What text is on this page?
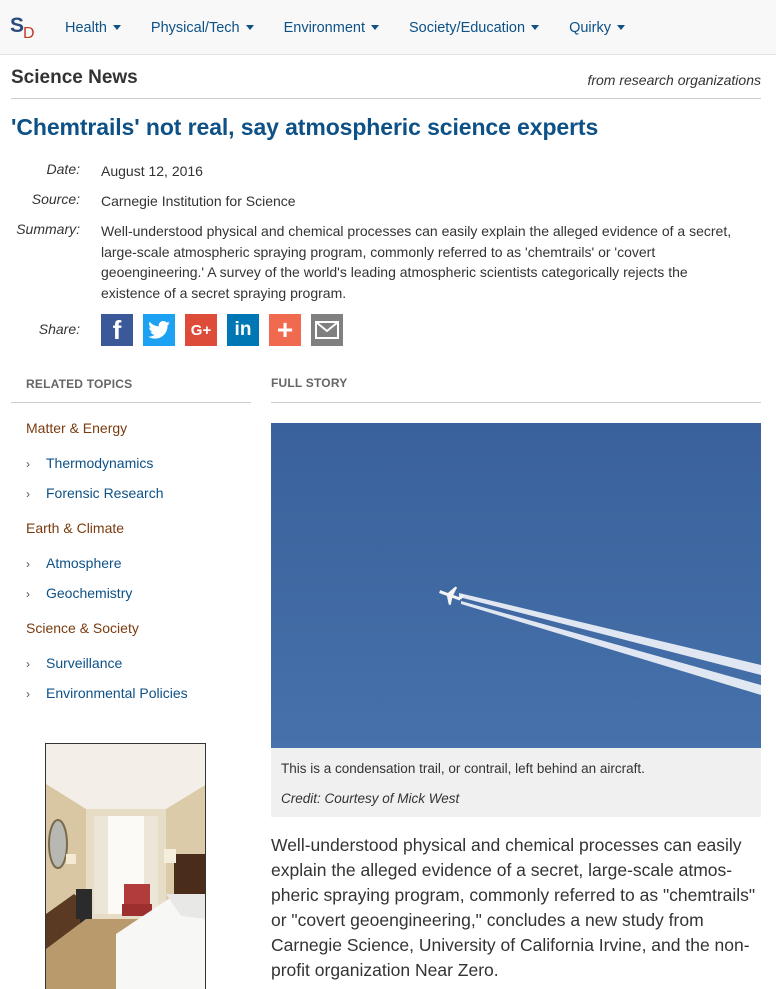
S
D	Health	Physical/Tech	Environment	Society/Education	Quirky
Science News	from research organizations
'Chemtrails' not real, say atmospheric science experts
Date: August 12, 2016
Source: Carnegie Institution for Science
Summary: Well-understood physical and chemical processes can easily explain the alleged evidence of a secret,
large-scale atmospheric spraying program, commonly referred to as 'chemtrails' or 'covert
geoengineering.' A survey of the world's leading atmospheric scientists categorically rejects the
existence of a secret spraying program.
Share: f	G+ in +
RELATED TOPICS	FULL STORY
Matter & Energy
› Thermodynamics
› Forensic Research
Earth & Climate
› Atmosphere
› Geochemistry
Science & Society
› Surveillance
› Environmental Policies
This is a condensation trail, or contrail, left behind an aircraft.
Credit: Courtesy of Mick West
Well-understood physical and chemical processes can easily
explain the alleged evidence of a secret, large-scale atmos-
pheric spraying program, commonly referred to as "chemtrails"
or "covert geoengineering," concludes a new study from
Carnegie Science, University of California Irvine, and the non-
profit organization Near Zero.
